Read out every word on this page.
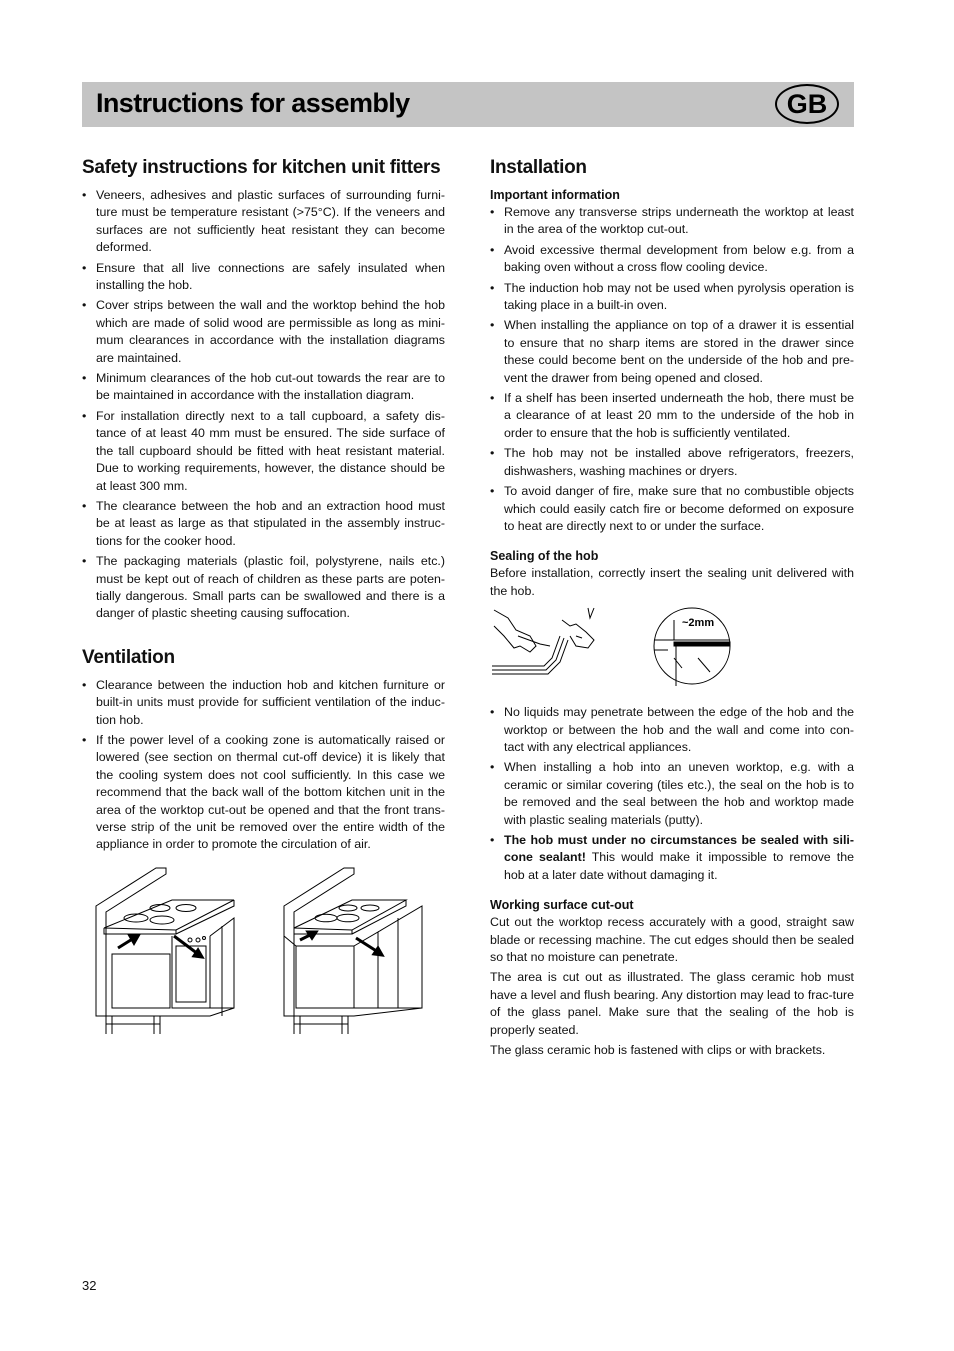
Instructions for assembly	GB
Safety instructions for kitchen unit fitters
• Veneers, adhesives and plastic surfaces of surrounding furni-ture must be temperature resistant (>75°C). If the veneers and surfaces are not sufficiently heat resistant they can become deformed.
• Ensure that all live connections are safely insulated when installing the hob.
• Cover strips between the wall and the worktop behind the hob which are made of solid wood are permissible as long as mini-mum clearances in accordance with the installation diagrams are maintained.
• Minimum clearances of the hob cut-out towards the rear are to be maintained in accordance with the installation diagram.
• For installation directly next to a tall cupboard, a safety dis-tance of at least 40 mm must be ensured. The side surface of the tall cupboard should be fitted with heat resistant material. Due to working requirements, however, the distance should be at least 300 mm.
• The clearance between the hob and an extraction hood must be at least as large as that stipulated in the assembly instruc-tions for the cooker hood.
• The packaging materials (plastic foil, polystyrene, nails etc.) must be kept out of reach of children as these parts are poten-tially dangerous. Small parts can be swallowed and there is a danger of plastic sheeting causing suffocation.
Ventilation
• Clearance between the induction hob and kitchen furniture or built-in units must provide for sufficient ventilation of the induc-tion hob.
• If the power level of a cooking zone is automatically raised or lowered (see section on thermal cut-off device) it is likely that the cooling system does not cool sufficiently. In this case we recommend that the back wall of the bottom kitchen unit in the area of the worktop cut-out be opened and that the front trans-verse strip of the unit be removed over the entire width of the appliance in order to promote the circulation of air.
Installation
Important information
• Remove any transverse strips underneath the worktop at least in the area of the worktop cut-out.
• Avoid excessive thermal development from below e.g. from a baking oven without a cross flow cooling device.
• The induction hob may not be used when pyrolysis operation is taking place in a built-in oven.
• When installing the appliance on top of a drawer it is essential to ensure that no sharp items are stored in the drawer since these could become bent on the underside of the hob and pre-vent the drawer from being opened and closed.
• If a shelf has been inserted underneath the hob, there must be a clearance of at least 20 mm to the underside of the hob in order to ensure that the hob is sufficiently ventilated.
• The hob may not be installed above refrigerators, freezers, dishwashers, washing machines or dryers.
• To avoid danger of fire, make sure that no combustible objects which could easily catch fire or become deformed on exposure to heat are directly next to or under the surface.
Sealing of the hob

Before installation, correctly insert the sealing unit delivered with the hob.

~2mm
• No liquids may penetrate between the edge of the hob and the worktop or between the hob and the wall and come into con-tact with any electrical appliances.
• When installing a hob into an uneven worktop, e.g. with a ceramic or similar covering (tiles etc.), the seal on the hob is to be removed and the seal between the hob and worktop made with plastic sealing materials (putty).
• The hob must under no circumstances be sealed with sili-cone sealant! This would make it impossible to remove the hob at a later date without damaging it.
Working surface cut-out

Cut out the worktop recess accurately with a good, straight saw blade or recessing machine. The cut edges should then be sealed so that no moisture can penetrate.

The area is cut out as illustrated. The glass ceramic hob must have a level and flush bearing. Any distortion may lead to frac-ture of the glass panel. Make sure that the sealing of the hob is properly seated.

The glass ceramic hob is fastened with clips or with brackets.

32
